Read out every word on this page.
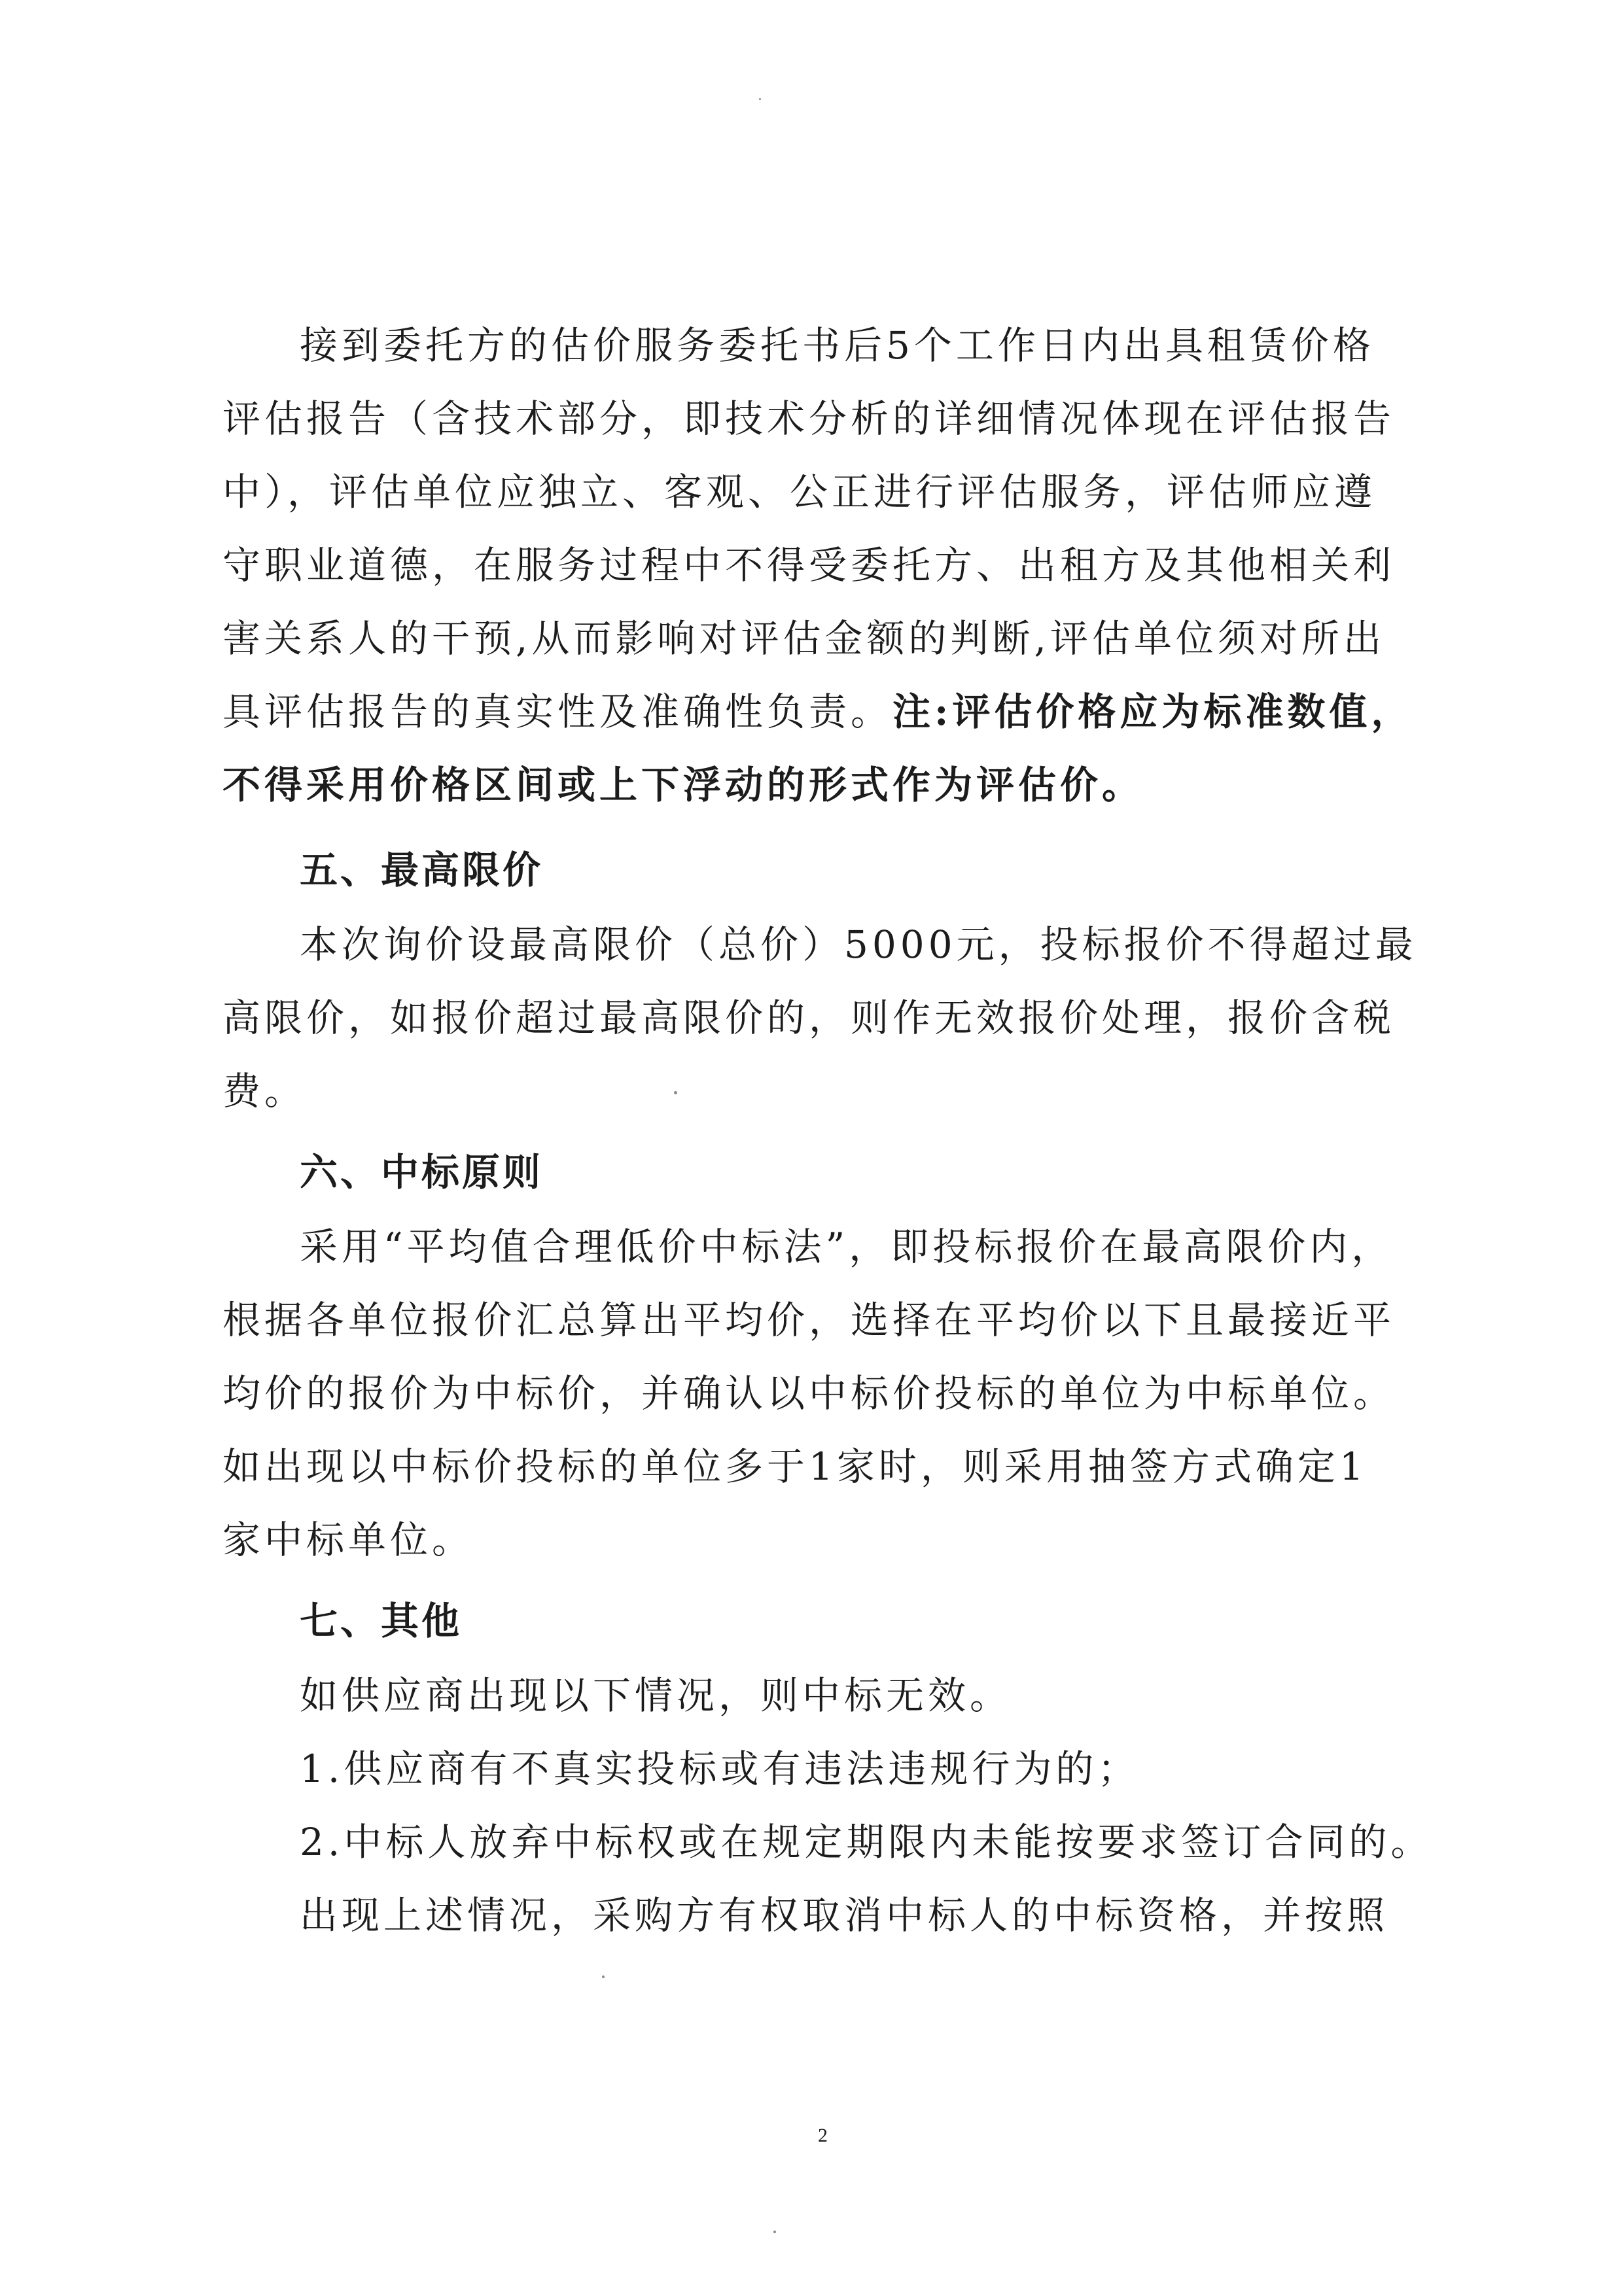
接到委托方的估价服务委托书后5个工作日内出具租赁价格
评估报告（含技术部分，即技术分析的详细情况体现在评估报告
中），评估单位应独立、客观、公正进行评估服务，评估师应遵
守职业道德，在服务过程中不得受委托方、出租方及其他相关利
害关系人的干预,从而影响对评估金额的判断,评估单位须对所出
具评估报告的真实性及准确性负责。注:评估价格应为标准数值，
不得采用价格区间或上下浮动的形式作为评估价。
五、最高限价
本次询价设最高限价（总价）5000元，投标报价不得超过最
高限价，如报价超过最高限价的，则作无效报价处理，报价含税
费。
六、中标原则
采用“平均值合理低价中标法”，即投标报价在最高限价内，
根据各单位报价汇总算出平均价，选择在平均价以下且最接近平
均价的报价为中标价，并确认以中标价投标的单位为中标单位。
如出现以中标价投标的单位多于1家时，则采用抽签方式确定1
家中标单位。
七、其他
如供应商出现以下情况，则中标无效。
1.供应商有不真实投标或有违法违规行为的；
2.中标人放弃中标权或在规定期限内未能按要求签订合同的。
出现上述情况，采购方有权取消中标人的中标资格，并按照
2
